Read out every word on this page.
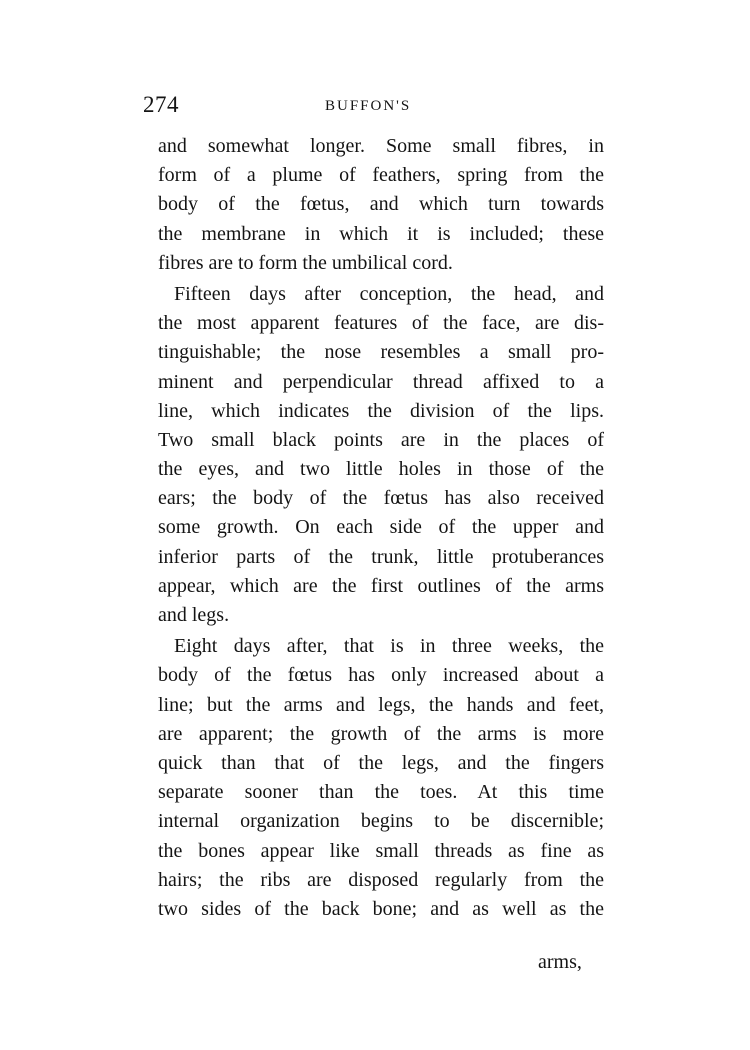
274	BUFFON'S
and somewhat longer. Some small fibres, in
form of a plume of feathers, spring from the
body of the fœtus, and which turn towards
the membrane in which it is included; these
fibres are to form the umbilical cord.
Fifteen days after conception, the head, and
the most apparent features of the face, are dis-
tinguishable; the nose resembles a small pro-
minent and perpendicular thread affixed to a
line, which indicates the division of the lips.
Two small black points are in the places of
the eyes, and two little holes in those of the
ears; the body of the fœtus has also received
some growth. On each side of the upper and
inferior parts of the trunk, little protuberances
appear, which are the first outlines of the arms
and legs.
Eight days after, that is in three weeks, the
body of the fœtus has only increased about a
line; but the arms and legs, the hands and feet,
are apparent; the growth of the arms is more
quick than that of the legs, and the fingers
separate sooner than the toes. At this time
internal organization begins to be discernible;
the bones appear like small threads as fine as
hairs; the ribs are disposed regularly from the
two sides of the back bone; and as well as the
arms,
